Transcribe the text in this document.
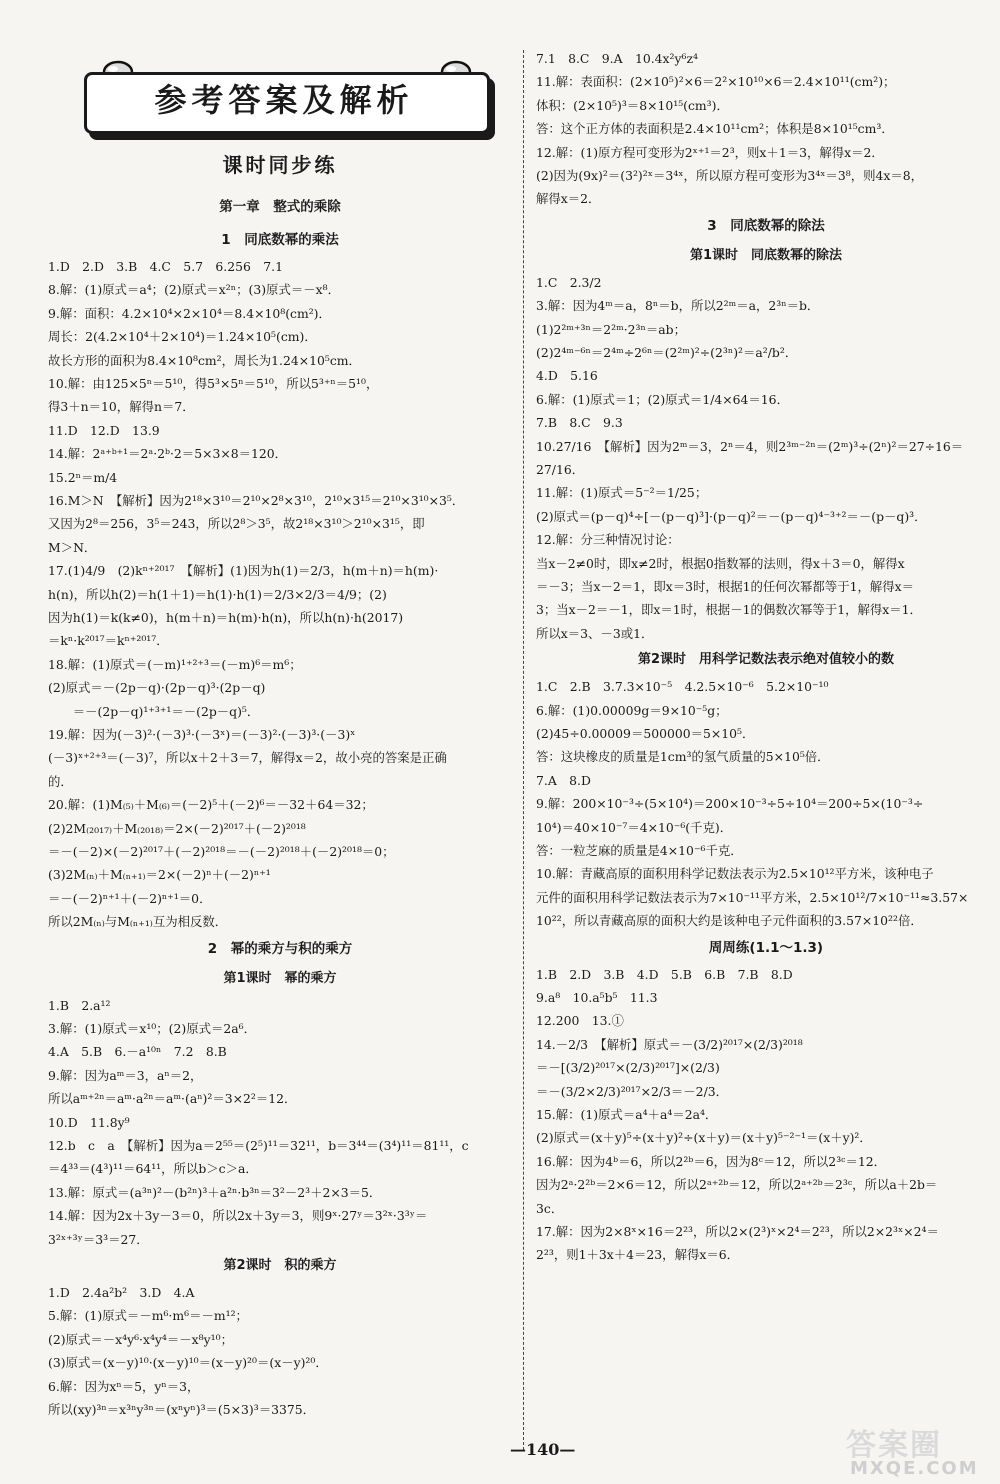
参考答案及解析
课时同步练
第一章　整式的乘除
1　同底数幂的乘法
1.D　2.D　3.B　4.C　5.7　6.256　7.1
8.解：(1)原式＝a⁴；(2)原式＝x²ⁿ；(3)原式＝－x⁸．
9.解：面积：4.2×10⁴×2×10⁴＝8.4×10⁸(cm²)．
周长：2(4.2×10⁴＋2×10⁴)＝1.24×10⁵(cm)．
故长方形的面积为8.4×10⁸cm²，周长为1.24×10⁵cm．
10.解：由125×5ⁿ＝5¹⁰，得5³×5ⁿ＝5¹⁰，所以5³⁺ⁿ＝5¹⁰，
得3＋n＝10，解得n＝7．
11.D　12.D　13.9
14.解：2ᵃ⁺ᵇ⁺¹＝2ᵃ·2ᵇ·2＝5×3×8＝120．
15.2ⁿ＝m/4
16.M＞N　【解析】因为2¹⁸×3¹⁰＝2¹⁰×2⁸×3¹⁰，2¹⁰×3¹⁵＝2¹⁰×3¹⁰×3⁵．
又因为2⁸＝256，3⁵＝243，所以2⁸＞3⁵，故2¹⁸×3¹⁰＞2¹⁰×3¹⁵，即
M＞N．
17.(1)4/9　(2)kⁿ⁺²⁰¹⁷　【解析】(1)因为h(1)＝2/3，h(m＋n)＝h(m)·
h(n)，所以h(2)＝h(1＋1)＝h(1)·h(1)＝2/3×2/3＝4/9；(2)
因为h(1)＝k(k≠0)，h(m＋n)＝h(m)·h(n)，所以h(n)·h(2017)
＝kⁿ·k²⁰¹⁷＝kⁿ⁺²⁰¹⁷．
18.解：(1)原式＝(－m)¹⁺²⁺³＝(－m)⁶＝m⁶；
(2)原式＝－(2p－q)·(2p－q)³·(2p－q)
　　＝－(2p－q)¹⁺³⁺¹＝－(2p－q)⁵．
19.解：因为(－3)²·(－3)³·(－3ˣ)＝(－3)²·(－3)³·(－3)ˣ
(－3)ˣ⁺²⁺³＝(－3)⁷，所以x＋2＋3＝7，解得x＝2，故小亮的答案是正确
的．
20.解：(1)M₍₅₎＋M₍₆₎＝(－2)⁵＋(－2)⁶＝－32＋64＝32；
(2)2M₍₂₀₁₇₎＋M₍₂₀₁₈₎＝2×(－2)²⁰¹⁷＋(－2)²⁰¹⁸
＝－(－2)×(－2)²⁰¹⁷＋(－2)²⁰¹⁸＝－(－2)²⁰¹⁸＋(－2)²⁰¹⁸＝0；
(3)2M₍ₙ₎＋M₍ₙ₊₁₎＝2×(－2)ⁿ＋(－2)ⁿ⁺¹
＝－(－2)ⁿ⁺¹＋(－2)ⁿ⁺¹＝0．
所以2M₍ₙ₎与M₍ₙ₊₁₎互为相反数．
2　幂的乘方与积的乘方
第1课时　幂的乘方
1.B　2.a¹²
3.解：(1)原式＝x¹⁰；(2)原式＝2a⁶．
4.A　5.B　6.－a¹⁰ⁿ　7.2　8.B
9.解：因为aᵐ＝3，aⁿ＝2，
所以aᵐ⁺²ⁿ＝aᵐ·a²ⁿ＝aᵐ·(aⁿ)²＝3×2²＝12．
10.D　11.8y⁹
12.b　c　a　【解析】因为a＝2⁵⁵＝(2⁵)¹¹＝32¹¹，b＝3⁴⁴＝(3⁴)¹¹＝81¹¹，c
＝4³³＝(4³)¹¹＝64¹¹，所以b＞c＞a．
13.解：原式＝(a³ⁿ)²－(b²ⁿ)³＋a²ⁿ·b³ⁿ＝3²－2³＋2×3＝5．
14.解：因为2x＋3y－3＝0，所以2x＋3y＝3，则9ˣ·27ʸ＝3²ˣ·3³ʸ＝
3²ˣ⁺³ʸ＝3³＝27．
第2课时　积的乘方
1.D　2.4a²b²　3.D　4.A
5.解：(1)原式＝－m⁶·m⁶＝－m¹²；
(2)原式＝－x⁴y⁶·x⁴y⁴＝－x⁸y¹⁰；
(3)原式＝(x－y)¹⁰·(x－y)¹⁰＝(x－y)²⁰＝(x－y)²⁰．
6.解：因为xⁿ＝5，yⁿ＝3，
所以(xy)³ⁿ＝x³ⁿy³ⁿ＝(xⁿyⁿ)³＝(5×3)³＝3375．
7.1　8.C　9.A　10.4x²y⁶z⁴
11.解：表面积：(2×10⁵)²×6＝2²×10¹⁰×6＝2.4×10¹¹(cm²)；
体积：(2×10⁵)³＝8×10¹⁵(cm³)．
答：这个正方体的表面积是2.4×10¹¹cm²；体积是8×10¹⁵cm³．
12.解：(1)原方程可变形为2ˣ⁺¹＝2³，则x＋1＝3，解得x＝2．
(2)因为(9x)²＝(3²)²ˣ＝3⁴ˣ，所以原方程可变形为3⁴ˣ＝3⁸，则4x＝8，
解得x＝2．
3　同底数幂的除法
第1课时　同底数幂的除法
1.C　2.3/2
3.解：因为4ᵐ＝a，8ⁿ＝b，所以2²ᵐ＝a，2³ⁿ＝b．
(1)2²ᵐ⁺³ⁿ＝2²ᵐ·2³ⁿ＝ab；
(2)2⁴ᵐ⁻⁶ⁿ＝2⁴ᵐ÷2⁶ⁿ＝(2²ᵐ)²÷(2³ⁿ)²＝a²/b²．
4.D　5.16
6.解：(1)原式＝1；(2)原式＝1/4×64＝16．
7.B　8.C　9.3
10.27/16　【解析】因为2ᵐ＝3，2ⁿ＝4，则2³ᵐ⁻²ⁿ＝(2ᵐ)³÷(2ⁿ)²＝27÷16＝
27/16．
11.解：(1)原式＝5⁻²＝1/25；
(2)原式＝(p－q)⁴÷[－(p－q)³]·(p－q)²＝－(p－q)⁴⁻³⁺²＝－(p－q)³．
12.解：分三种情况讨论：
当x－2≠0时，即x≠2时，根据0指数幂的法则，得x＋3＝0，解得x
＝－3；当x－2＝1，即x＝3时，根据1的任何次幂都等于1，解得x＝
3；当x－2＝－1，即x＝1时，根据－1的偶数次幂等于1，解得x＝1．
所以x＝3、－3或1．
第2课时　用科学记数法表示绝对值较小的数
1.C　2.B　3.7.3×10⁻⁵　4.2.5×10⁻⁶　5.2×10⁻¹⁰
6.解：(1)0.00009g＝9×10⁻⁵g；
(2)45÷0.00009＝500000＝5×10⁵．
答：这块橡皮的质量是1cm³的氢气质量的5×10⁵倍．
7.A　8.D
9.解：200×10⁻³÷(5×10⁴)＝200×10⁻³÷5÷10⁴＝200÷5×(10⁻³÷
10⁴)＝40×10⁻⁷＝4×10⁻⁶(千克)．
答：一粒芝麻的质量是4×10⁻⁶千克．
10.解：青藏高原的面积用科学记数法表示为2.5×10¹²平方米，该种电子
元件的面积用科学记数法表示为7×10⁻¹¹平方米，2.5×10¹²/7×10⁻¹¹≈3.57×
10²²，所以青藏高原的面积大约是该种电子元件面积的3.57×10²²倍．
周周练(1.1～1.3)
1.B　2.D　3.B　4.D　5.B　6.B　7.B　8.D
9.a⁸　10.a⁵b⁵　11.3
12.200　13.①
14.－2/3　【解析】原式＝－(3/2)²⁰¹⁷×(2/3)²⁰¹⁸
＝－[(3/2)²⁰¹⁷×(2/3)²⁰¹⁷]×(2/3)
＝－(3/2×2/3)²⁰¹⁷×2/3＝－2/3．
15.解：(1)原式＝a⁴＋a⁴＝2a⁴．
(2)原式＝(x＋y)⁵÷(x＋y)²÷(x＋y)＝(x＋y)⁵⁻²⁻¹＝(x＋y)²．
16.解：因为4ᵇ＝6，所以2²ᵇ＝6，因为8ᶜ＝12，所以2³ᶜ＝12．
因为2ᵃ·2²ᵇ＝2×6＝12，所以2ᵃ⁺²ᵇ＝12，所以2ᵃ⁺²ᵇ＝2³ᶜ，所以a＋2b＝
3c．
17.解：因为2×8ˣ×16＝2²³，所以2×(2³)ˣ×2⁴＝2²³，所以2×2³ˣ×2⁴＝
2²³，则1＋3x＋4＝23，解得x＝6．
—140—	答案圈
MXQE.COM
